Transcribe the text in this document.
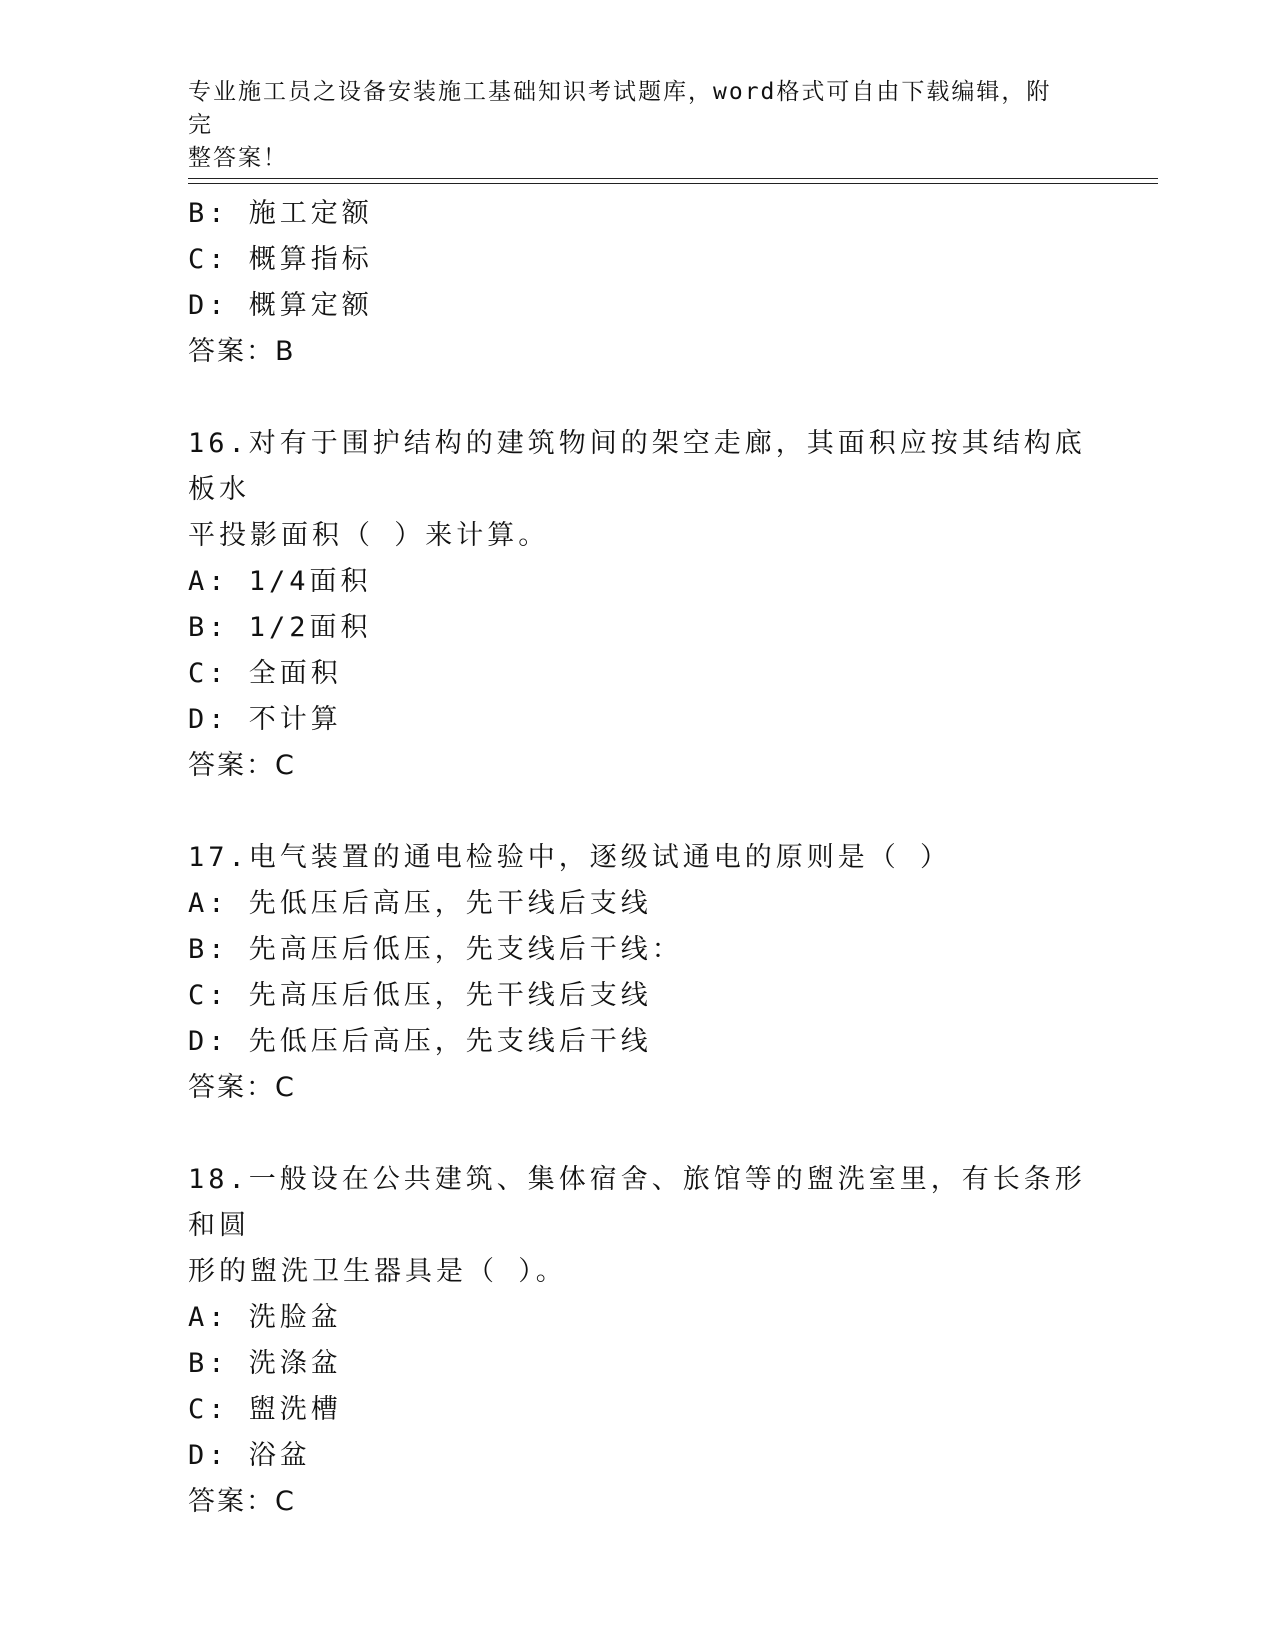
专业施工员之设备安装施工基础知识考试题库，word格式可自由下载编辑，附完
整答案！
B: 施工定额
C: 概算指标
D: 概算定额
答案：B
16.对有于围护结构的建筑物间的架空走廊，其面积应按其结构底板水
平投影面积（ ）来计算。
A: 1/4面积
B: 1/2面积
C: 全面积
D: 不计算
答案：C
17.电气装置的通电检验中，逐级试通电的原则是（ ）
A: 先低压后高压，先干线后支线
B: 先高压后低压，先支线后干线：
C: 先高压后低压，先干线后支线
D: 先低压后高压，先支线后干线
答案：C
18.一般设在公共建筑、集体宿舍、旅馆等的盥洗室里，有长条形和圆
形的盥洗卫生器具是（ ）。
A: 洗脸盆
B: 洗涤盆
C: 盥洗槽
D: 浴盆
答案：C
